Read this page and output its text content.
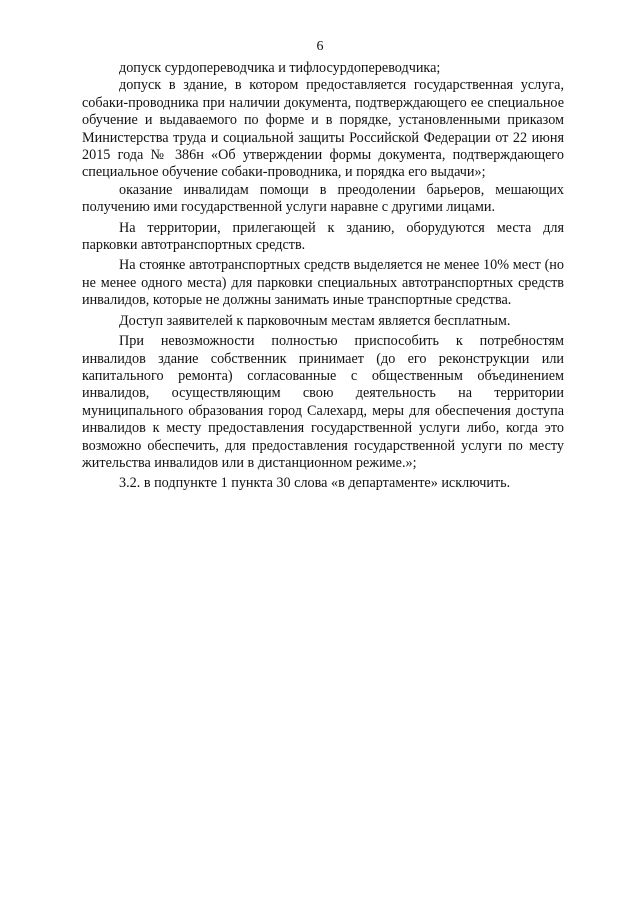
6

допуск сурдопереводчика и тифлосурдопереводчика;

допуск в здание, в котором предоставляется государственная услуга, собаки-проводника при наличии документа, подтверждающего ее специальное обучение и выдаваемого по форме и в порядке, установленными приказом Министерства труда и социальной защиты Российской Федерации от 22 июня 2015 года № 386н «Об утверждении формы документа, подтверждающего специальное обучение собаки-проводника, и порядка его выдачи»;

оказание инвалидам помощи в преодолении барьеров, мешающих получению ими государственной услуги наравне с другими лицами.

На территории, прилегающей к зданию, оборудуются места для парковки автотранспортных средств.

На стоянке автотранспортных средств выделяется не менее 10% мест (но не менее одного места) для парковки специальных автотранспортных средств инвалидов, которые не должны занимать иные транспортные средства.

Доступ заявителей к парковочным местам является бесплатным.

При невозможности полностью приспособить к потребностям инвалидов здание собственник принимает (до его реконструкции или капитального ремонта) согласованные с общественным объединением инвалидов, осуществляющим свою деятельность на территории муниципального образования город Салехард, меры для обеспечения доступа инвалидов к месту предоставления государственной услуги либо, когда это возможно обеспечить, для предоставления государственной услуги по месту жительства инвалидов или в дистанционном режиме.»;

3.2. в подпункте 1 пункта 30 слова «в департаменте» исключить.
